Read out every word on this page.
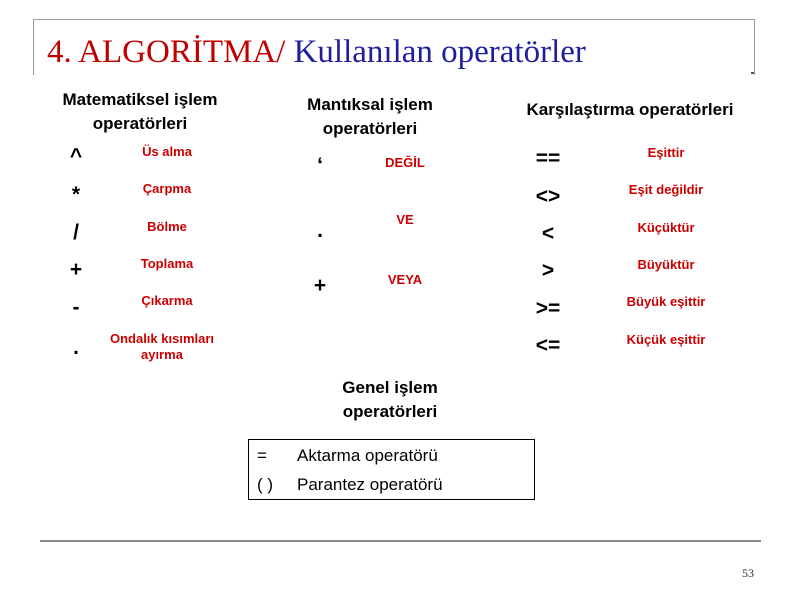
4. ALGORİTMA/ Kullanılan operatörler
Matematiksel işlem
operatörleri
^	Üs alma
*	Çarpma
/	Bölme
+	Toplama
-	Çıkarma
.	Ondalık kısımları
ayırma
Mantıksal işlem
operatörleri
‘	DEĞİL
.	VE
+	VEYA
Karşılaştırma operatörleri
==	Eşittir
<>	Eşit değildir
<	Küçüktür
>	Büyüktür
>=	Büyük eşittir
<=	Küçük eşittir
Genel işlem
operatörleri
= Aktarma operatörü
( ) Parantez operatörü
53
